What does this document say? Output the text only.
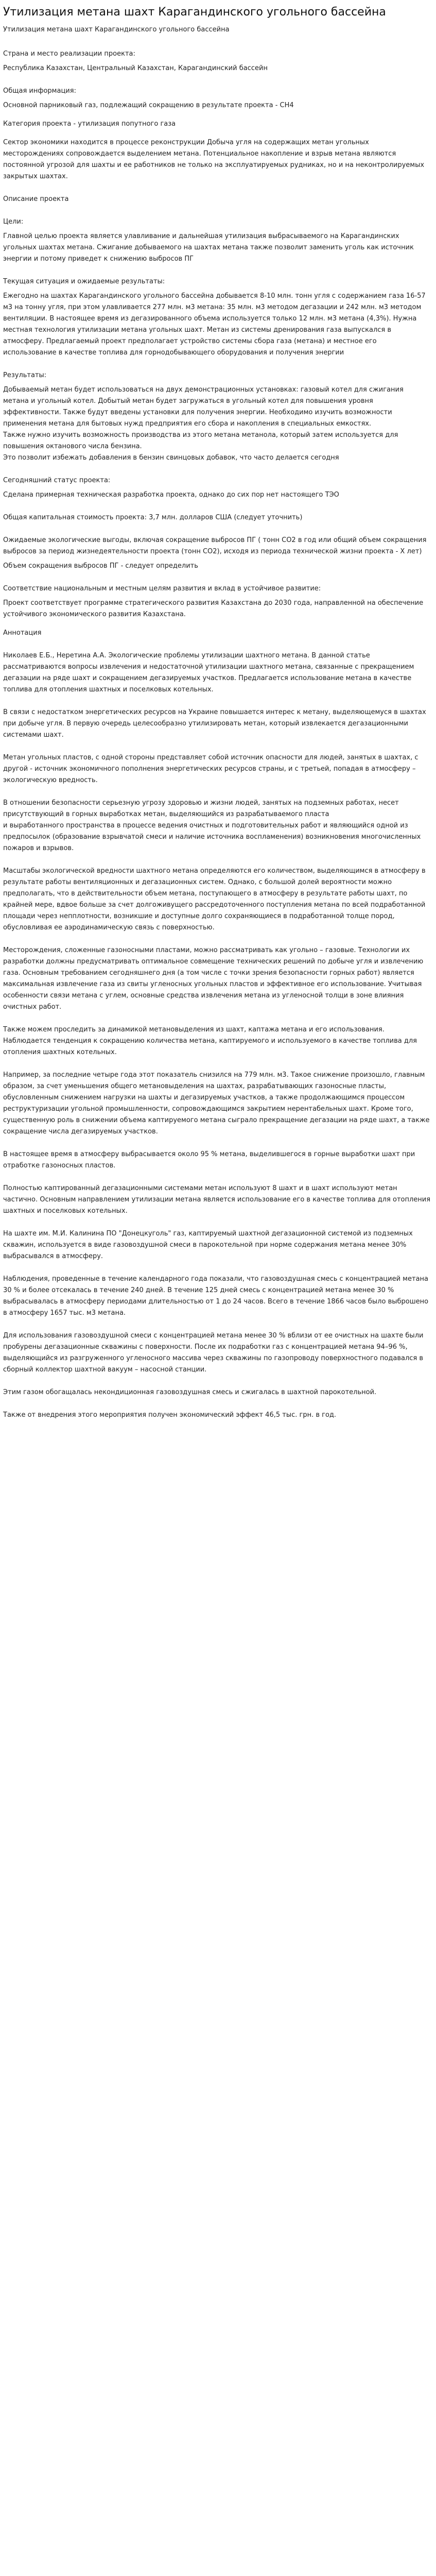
Утилизация метана шахт Карагандинского угольного бассейна
Утилизация метана шахт Карагандинского угольного бассейна

Страна и место реализации проекта:

Республика Казахстан, Центральный Казахстан, Карагандинский бассейн

Общая информация:

Основной парниковый газ, подлежащий сокращению в результате проекта - СН4

Категория проекта - утилизация попутного газа

Сектор экономики находится в процессе реконструкции Добыча угля на содержащих метан угольных месторождениях сопровождается выделением метана. Потенциальное накопление и взрыв метана являются постоянной угрозой для шахты и ее работников не только на эксплуатируемых рудниках, но и на неконтролируемых закрытых шахтах.

Описание проекта

Цели:

Главной целью проекта является улавливание и дальнейшая утилизация выбрасываемого на Карагандинских угольных шахтах метана. Сжигание добываемого на шахтах метана также позволит заменить уголь как источник энергии и потому приведет к снижению выбросов ПГ

Текущая ситуация и ожидаемые результаты:

Ежегодно на шахтах Карагандинского угольного бассейна добывается 8-10 млн. тонн угля с содержанием газа 16-57 м3 на тонну угля, при этом улавливается 277 млн. м3 метана: 35 млн. м3 методом дегазации и 242 млн. м3 методом вентиляции. В настоящее время из дегазированного объема используется только 12 млн. м3 метана (4,3%). Нужна местная технология утилизации метана угольных шахт. Метан из системы дренирования газа выпускался в атмосферу. Предлагаемый проект предполагает устройство системы сбора газа (метана) и местное его использование в качестве топлива для горнодобывающего оборудования и получения энергии

Результаты:

Добываемый метан будет использоваться на двух демонстрационных установках: газовый котел для сжигания метана и угольный котел. Добытый метан будет загружаться в угольный котел для повышения уровня эффективности. Также будут введены установки для получения энергии. Необходимо изучить возможности применения метана для бытовых нужд предприятия его сбора и накопления в специальных емкостях.
Также нужно изучить возможность производства из этого метана метанола, который затем используется для повышения октанового числа бензина.
Это позволит избежать добавления в бензин свинцовых добавок, что часто делается сегодня

Сегодняшний статус проекта:

Сделана примерная техническая разработка проекта, однако до сих пор нет настоящего ТЭО

Общая капитальная стоимость проекта: 3,7 млн. долларов США (следует уточнить)

Ожидаемые экологические выгоды, включая сокращение выбросов ПГ ( тонн СО2 в год или общий объем сокращения выбросов за период жизнедеятельности проекта (тонн СО2), исходя из периода технической жизни проекта - Х лет)

Объем сокращения выбросов ПГ - следует определить

Соответствие национальным и местным целям развития и вклад в устойчивое развитие:

Проект соответствует программе стратегического развития Казахстана до 2030 года, направленной на обеспечение устойчивого экономического развития Казахстана.

Аннотация

Николаев Е.Б., Неретина А.А. Экологические проблемы утилизации шахтного метана. В данной статье рассматриваются вопросы извлечения и недостаточной утилизации шахтного метана, связанные с прекращением дегазации на ряде шахт и сокращением дегазируемых участков. Предлагается использование метана в качестве топлива для отопления шахтных и поселковых котельных.

В связи с недостатком энергетических ресурсов на Украине повышается интерес к метану, выделяющемуся в шахтах при добыче угля. В первую очередь целесообразно утилизировать метан, который извлекается дегазационными системами шахт.

Метан угольных пластов, с одной стороны представляет собой источник опасности для людей, занятых в шахтах, с другой - источник экономичного пополнения энергетических ресурсов страны, и с третьей, попадая в атмосферу – экологическую вредность.

В отношении безопасности серьезную угрозу здоровью и жизни людей, занятых на подземных работах, несет присутствующий в горных выработках метан, выделяющийся из разрабатываемого пласта
и выработанного пространства в процессе ведения очистных и подготовительных работ и являющийся одной из предпосылок (образование взрывчатой смеси и наличие источника воспламенения) возникновения многочисленных пожаров и взрывов.

Масштабы экологической вредности шахтного метана определяются его количеством, выделяющимся в атмосферу в результате работы вентиляционных и дегазационных систем. Однако, с большой долей вероятности можно предполагать, что в действительности объем метана, поступающего в атмосферу в результате работы шахт, по крайней мере, вдвое больше за счет долгоживущего рассредоточенного поступления метана по всей подработанной площади через непплотности, возникшие и доступные долго сохраняющиеся в подработанной толще пород, обусловливая ее аэродинамическую связь с поверхностью.

Месторождения, сложенные газоносными пластами, можно рассматривать как угольно – газовые. Технологии их разработки должны предусматривать оптимальное совмещение технических решений по добыче угля и извлечению газа. Основным требованием сегодняшнего дня (а том числе с точки зрения безопасности горных работ) является максимальная извлечение газа из свиты угленосных угольных пластов и эффективное его использование. Учитывая особенности связи метана с углем, основные средства извлечения метана из угленосной толщи в зоне влияния очистных работ.

Также можем проследить за динамикой метановыделения из шахт, каптажа метана и его использования. Наблюдается тенденция к сокращению количества метана, каптируемого и используемого в качестве топлива для отопления шахтных котельных.

Например, за последние четыре года этот показатель снизился на 779 млн. м3. Такое снижение произошло, главным образом, за счет уменьшения общего метановыделения на шахтах, разрабатывающих газоносные пласты, обусловленным снижением нагрузки на шахты и дегазируемых участков, а также продолжающимся процессом реструктуризации угольной промышленности, сопровождающимся закрытием нерентабельных шахт. Кроме того, существенную роль в снижении объема каптируемого метана сыграло прекращение дегазации на ряде шахт, а также сокращение числа дегазируемых участков.

В настоящее время в атмосферу выбрасывается около 95 % метана, выделившегося в горные выработки шахт при отработке газоносных пластов.

Полностью каптированный дегазационными системами метан используют 8 шахт и в шахт используют метан частично. Основным направлением утилизации метана является использование его в качестве топлива для отопления шахтных и поселковых котельных.

На шахте им. М.И. Калинина ПО "Донецкуголь" газ, каптируемый шахтной дегазационной системой из подземных скважин, используется в виде газовоздушной смеси в парокотельной при норме содержания метана менее 30% выбрасывался в атмосферу.

Наблюдения, проведенные в течение календарного года показали, что газовоздушная смесь с концентрацией метана 30 % и более отсекалась в течение 240 дней. В течение 125 дней смесь с концентрацией метана менее 30 % выбрасывалась в атмосферу периодами длительностью от 1 до 24 часов. Всего в течение 1866 часов было выброшено в атмосферу 1657 тыс. м3 метана.

Для использования газовоздушной смеси с концентрацией метана менее 30 % вблизи от ее очистных на шахте были пробурены дегазационные скважины с поверхности. После их подработки газ с концентрацией метана 94–96 %, выделяющийся из разгруженного угленосного массива через скважины по газопроводу поверхностного подавался в сборный коллектор шахтной вакуум – насосной станции.

Этим газом обогащалась некондиционная газовоздушная смесь и сжигалась в шахтной парокотельной.

Также от внедрения этого мероприятия получен экономический эффект 46,5 тыс. грн. в год.
